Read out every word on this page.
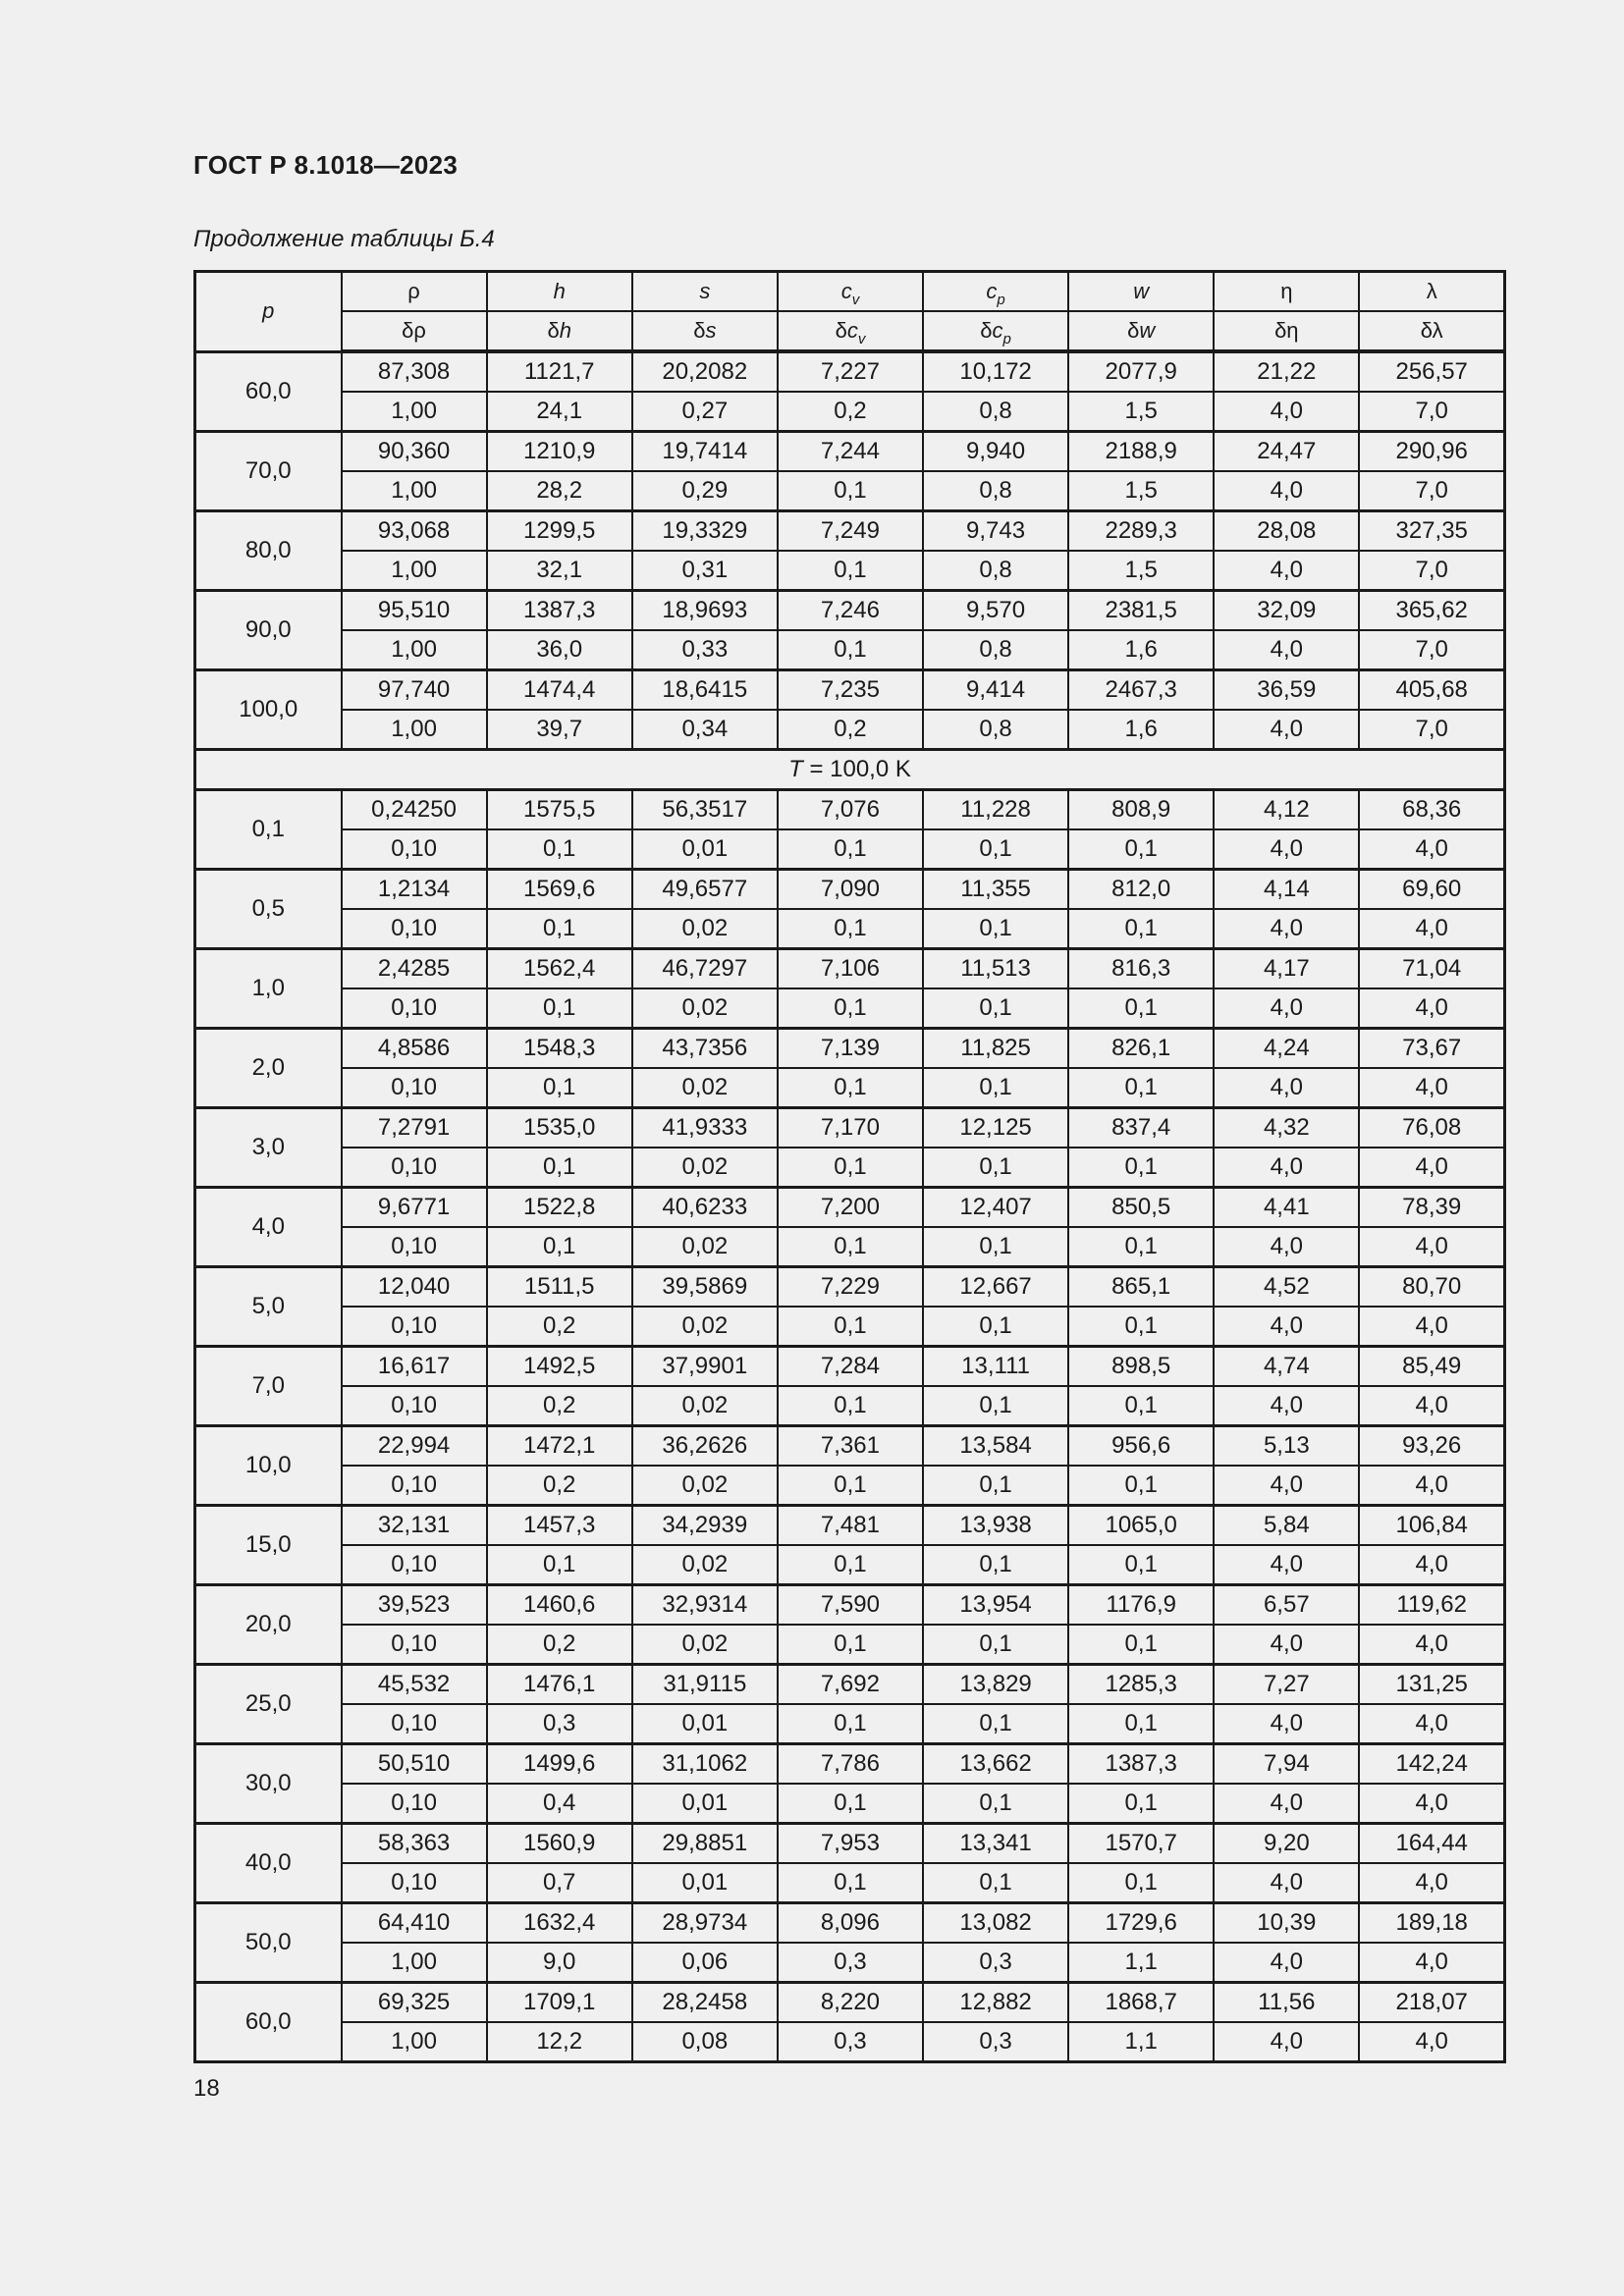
ГОСТ Р 8.1018—2023
Продолжение таблицы Б.4
p	ρ	h	s	$c_v$	$c_p$	w	η	λ
	δρ	δh	δs	$\delta c_v$	$\delta c_p$	δw	δη	δλ
60,0	87,308	1121,7	20,2082	7,227	10,172	2077,9	21,22	256,57
	1,00	24,1	0,27	0,2	0,8	1,5	4,0	7,0
70,0	90,360	1210,9	19,7414	7,244	9,940	2188,9	24,47	290,96
	1,00	28,2	0,29	0,1	0,8	1,5	4,0	7,0
80,0	93,068	1299,5	19,3329	7,249	9,743	2289,3	28,08	327,35
	1,00	32,1	0,31	0,1	0,8	1,5	4,0	7,0
90,0	95,510	1387,3	18,9693	7,246	9,570	2381,5	32,09	365,62
	1,00	36,0	0,33	0,1	0,8	1,6	4,0	7,0
100,0	97,740	1474,4	18,6415	7,235	9,414	2467,3	36,59	405,68
	1,00	39,7	0,34	0,2	0,8	1,6	4,0	7,0
T = 100,0 K								
0,1	0,24250	1575,5	56,3517	7,076	11,228	808,9	4,12	68,36
	0,10	0,1	0,01	0,1	0,1	0,1	4,0	4,0
0,5	1,2134	1569,6	49,6577	7,090	11,355	812,0	4,14	69,60
	0,10	0,1	0,02	0,1	0,1	0,1	4,0	4,0
1,0	2,4285	1562,4	46,7297	7,106	11,513	816,3	4,17	71,04
	0,10	0,1	0,02	0,1	0,1	0,1	4,0	4,0
2,0	4,8586	1548,3	43,7356	7,139	11,825	826,1	4,24	73,67
	0,10	0,1	0,02	0,1	0,1	0,1	4,0	4,0
3,0	7,2791	1535,0	41,9333	7,170	12,125	837,4	4,32	76,08
	0,10	0,1	0,02	0,1	0,1	0,1	4,0	4,0
4,0	9,6771	1522,8	40,6233	7,200	12,407	850,5	4,41	78,39
	0,10	0,1	0,02	0,1	0,1	0,1	4,0	4,0
5,0	12,040	1511,5	39,5869	7,229	12,667	865,1	4,52	80,70
	0,10	0,2	0,02	0,1	0,1	0,1	4,0	4,0
7,0	16,617	1492,5	37,9901	7,284	13,111	898,5	4,74	85,49
	0,10	0,2	0,02	0,1	0,1	0,1	4,0	4,0
10,0	22,994	1472,1	36,2626	7,361	13,584	956,6	5,13	93,26
	0,10	0,2	0,02	0,1	0,1	0,1	4,0	4,0
15,0	32,131	1457,3	34,2939	7,481	13,938	1065,0	5,84	106,84
	0,10	0,1	0,02	0,1	0,1	0,1	4,0	4,0
20,0	39,523	1460,6	32,9314	7,590	13,954	1176,9	6,57	119,62
	0,10	0,2	0,02	0,1	0,1	0,1	4,0	4,0
25,0	45,532	1476,1	31,9115	7,692	13,829	1285,3	7,27	131,25
	0,10	0,3	0,01	0,1	0,1	0,1	4,0	4,0
30,0	50,510	1499,6	31,1062	7,786	13,662	1387,3	7,94	142,24
	0,10	0,4	0,01	0,1	0,1	0,1	4,0	4,0
40,0	58,363	1560,9	29,8851	7,953	13,341	1570,7	9,20	164,44
	0,10	0,7	0,01	0,1	0,1	0,1	4,0	4,0
50,0	64,410	1632,4	28,9734	8,096	13,082	1729,6	10,39	189,18
	1,00	9,0	0,06	0,3	0,3	1,1	4,0	4,0
60,0	69,325	1709,1	28,2458	8,220	12,882	1868,7	11,56	218,07
	1,00	12,2	0,08	0,3	0,3	1,1	4,0	4,0
18
